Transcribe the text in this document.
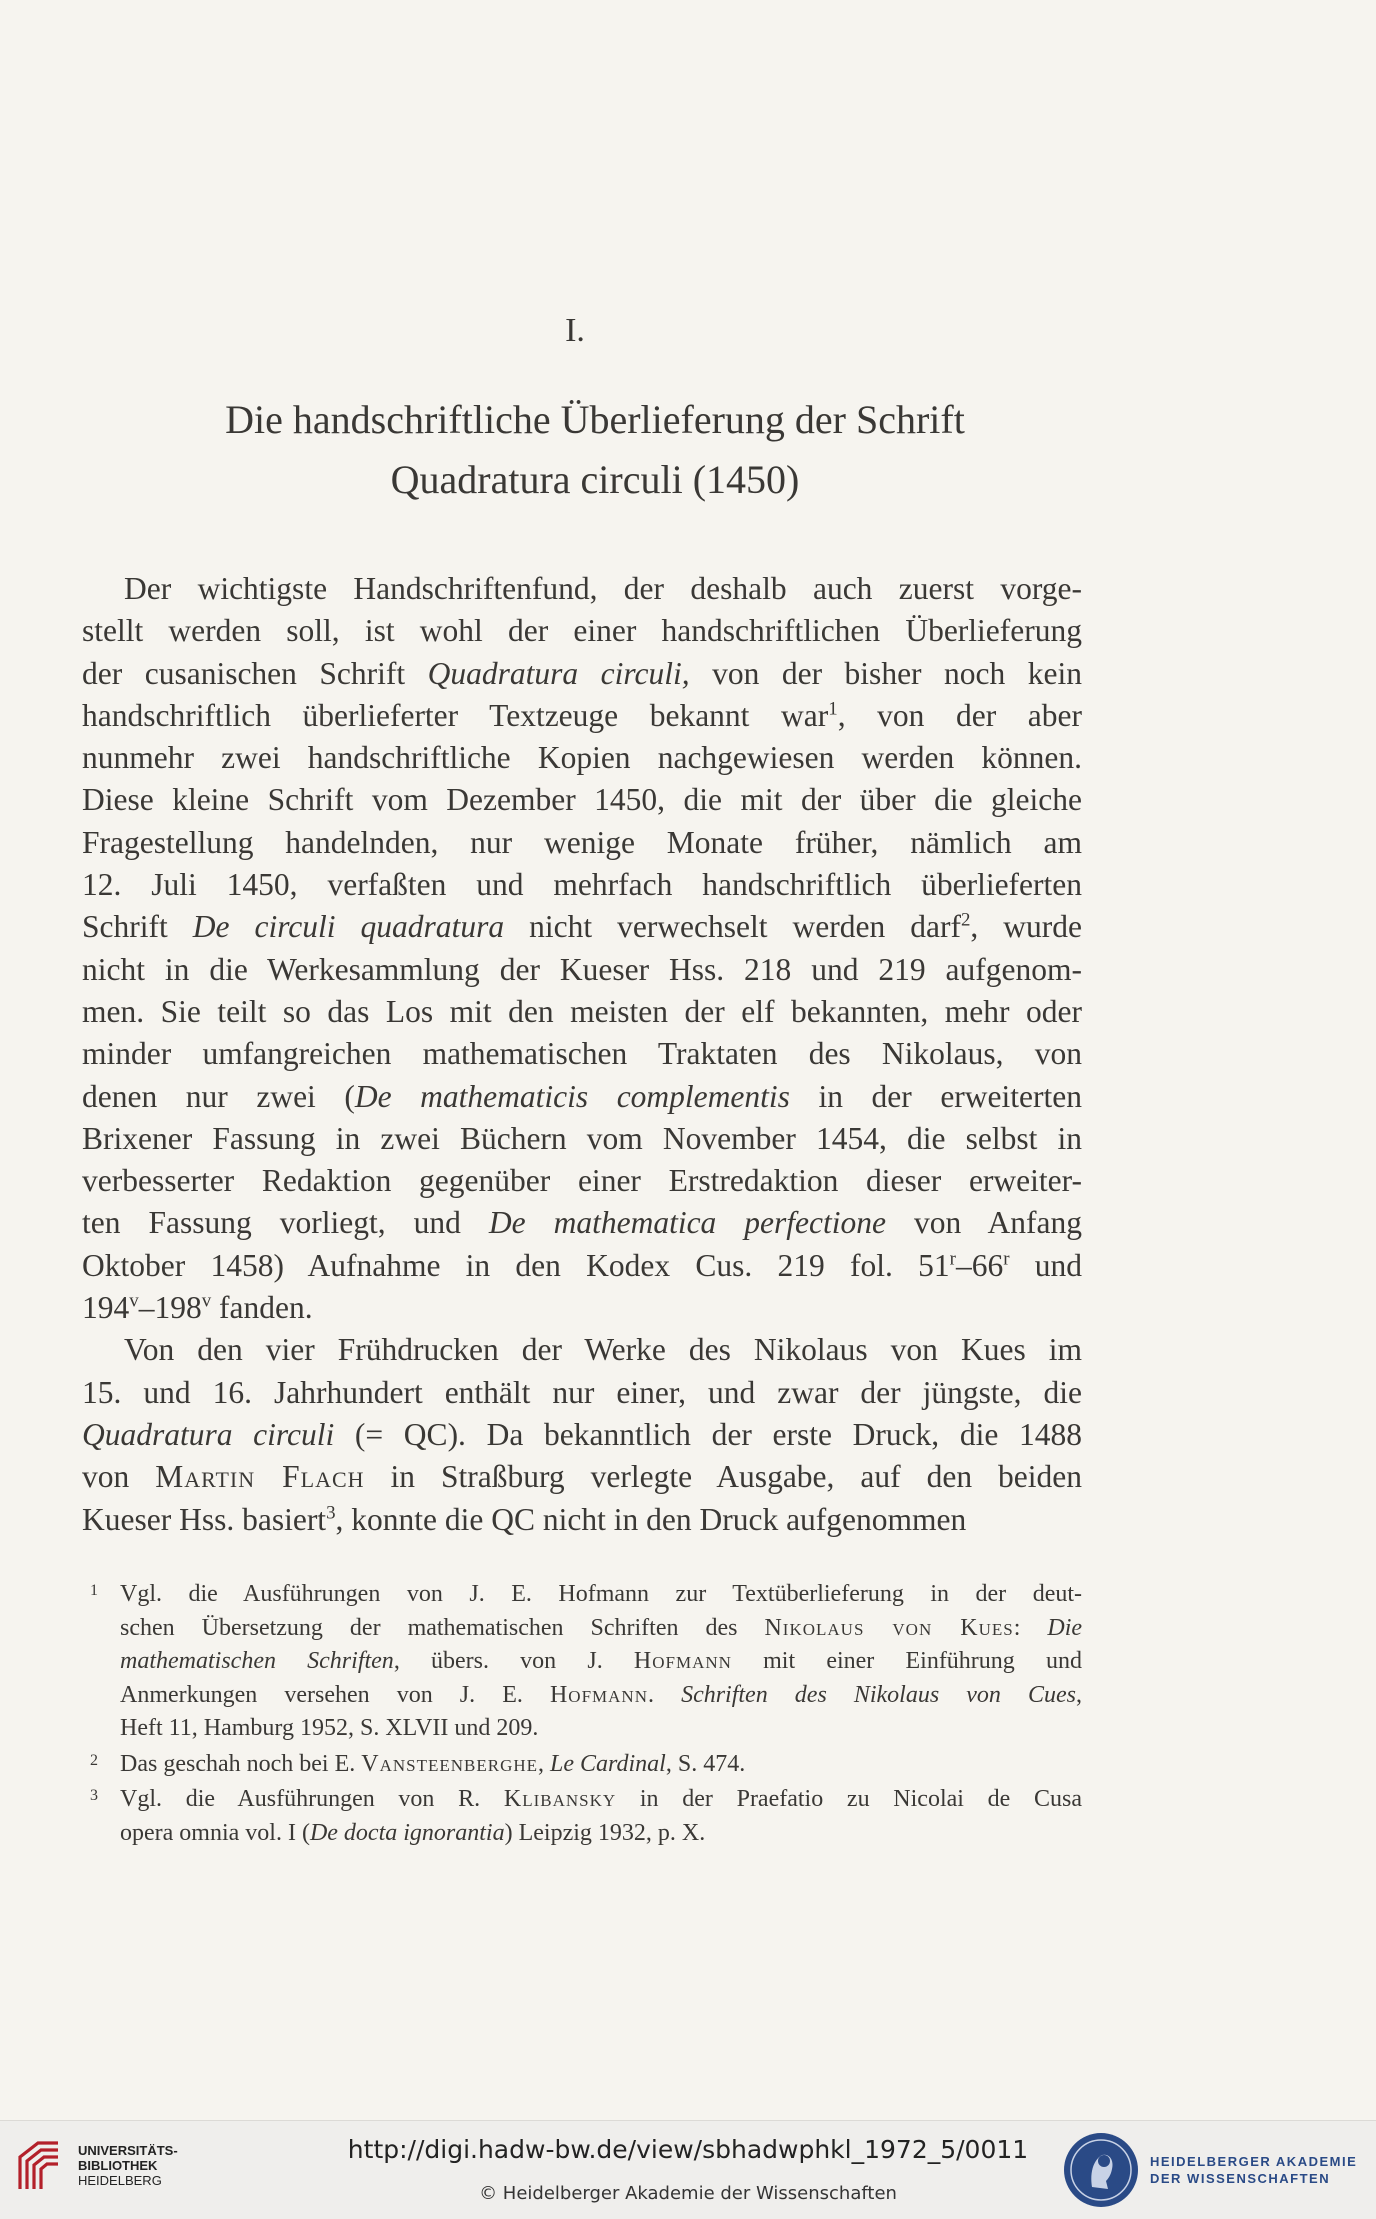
I.
Die handschriftliche Überlieferung der Schrift
Quadratura circuli (1450)

Der wichtigste Handschriftenfund, der deshalb auch zuerst vorge-
stellt werden soll, ist wohl der einer handschriftlichen Überlieferung
der cusanischen Schrift Quadratura circuli, von der bisher noch kein
handschriftlich überlieferter Textzeuge bekannt war$^1$, von der aber
nunmehr zwei handschriftliche Kopien nachgewiesen werden können.
Diese kleine Schrift vom Dezember 1450, die mit der über die gleiche
Fragestellung handelnden, nur wenige Monate früher, nämlich am
12. Juli 1450, verfaßten und mehrfach handschriftlich überlieferten
Schrift De circuli quadratura nicht verwechselt werden darf$^2$, wurde
nicht in die Werkesammlung der Kueser Hss. 218 und 219 aufgenom-
men. Sie teilt so das Los mit den meisten der elf bekannten, mehr oder
minder umfangreichen mathematischen Traktaten des Nikolaus, von
denen nur zwei (De mathematicis complementis in der erweiterten
Brixener Fassung in zwei Büchern vom November 1454, die selbst in
verbesserter Redaktion gegenüber einer Erstredaktion dieser erweiter-
ten Fassung vorliegt, und De mathematica perfectione von Anfang
Oktober 1458) Aufnahme in den Kodex Cus. 219 fol. 51$^r$–66$^r$ und
194$^v$–198$^v$ fanden.

Von den vier Frühdrucken der Werke des Nikolaus von Kues im
15. und 16. Jahrhundert enthält nur einer, und zwar der jüngste, die
Quadratura circuli (= QC). Da bekanntlich der erste Druck, die 1488
von Martin Flach in Straßburg verlegte Ausgabe, auf den beiden
Kueser Hss. basiert$^3$, konnte die QC nicht in den Druck aufgenommen

1 Vgl. die Ausführungen von J. E. Hofmann zur Textüberlieferung in der deut-
schen Übersetzung der mathematischen Schriften des Nikolaus von Kues: Die
mathematischen Schriften, übers. von J. Hofmann mit einer Einführung und
Anmerkungen versehen von J. E. Hofmann. Schriften des Nikolaus von Cues,
Heft 11, Hamburg 1952, S. XLVII und 209.
2 Das geschah noch bei E. Vansteenberghe, Le Cardinal, S. 474.
3 Vgl. die Ausführungen von R. Klibansky in der Praefatio zu Nicolai de Cusa
opera omnia vol. I (De docta ignorantia) Leipzig 1932, p. X.
UNIVERSITÄTS-
BIBLIOTHEK
HEIDELBERG
http://digi.hadw-bw.de/view/sbhadwphkl_1972_5/0011
© Heidelberger Akademie der Wissenschaften
HEIDELBERGER AKADEMIE
DER WISSENSCHAFTEN
